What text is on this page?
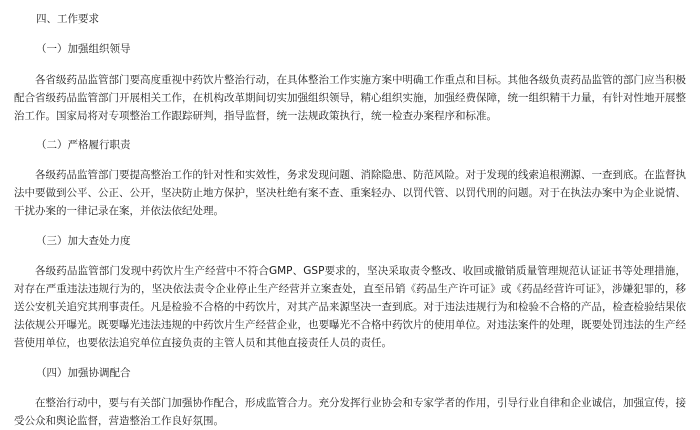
四、工作要求
（一）加强组织领导

各省级药品监管部门要高度重视中药饮片整治行动，在具体整治工作实施方案中明确工作重点和目标。其他各级负责药品监管的部门应当积极配合省级药品监管部门开展相关工作，在机构改革期间切实加强组织领导，精心组织实施，加强经费保障，统一组织精干力量，有针对性地开展整治工作。国家局将对专项整治工作跟踪研判，指导监督，统一法规政策执行，统一检查办案程序和标准。

（二）严格履行职责

各级药品监管部门要提高整治工作的针对性和实效性，务求发现问题、消除隐患、防范风险。对于发现的线索追根溯源、一查到底。在监督执法中要做到公平、公正、公开，坚决防止地方保护，坚决杜绝有案不查、重案轻办、以罚代管、以罚代刑的问题。对于在执法办案中为企业说情、干扰办案的一律记录在案，并依法依纪处理。

（三）加大查处力度

各级药品监管部门发现中药饮片生产经营中不符合GMP、GSP要求的，坚决采取责令整改、收回或撤销质量管理规范认证证书等处理措施，对存在严重违法违规行为的，坚决依法责令企业停止生产经营并立案查处，直至吊销《药品生产许可证》或《药品经营许可证》，涉嫌犯罪的，移送公安机关追究其刑事责任。凡是检验不合格的中药饮片，对其产品来源坚决一查到底。对于违法违规行为和检验不合格的产品，检查检验结果依法依规公开曝光。既要曝光违法违规的中药饮片生产经营企业，也要曝光不合格中药饮片的使用单位。对违法案件的处理，既要处罚违法的生产经营使用单位，也要依法追究单位直接负责的主管人员和其他直接责任人员的责任。

（四）加强协调配合

在整治行动中，要与有关部门加强协作配合，形成监管合力。充分发挥行业协会和专家学者的作用，引导行业自律和企业诚信，加强宣传，接受公众和舆论监督，营造整治工作良好氛围。
